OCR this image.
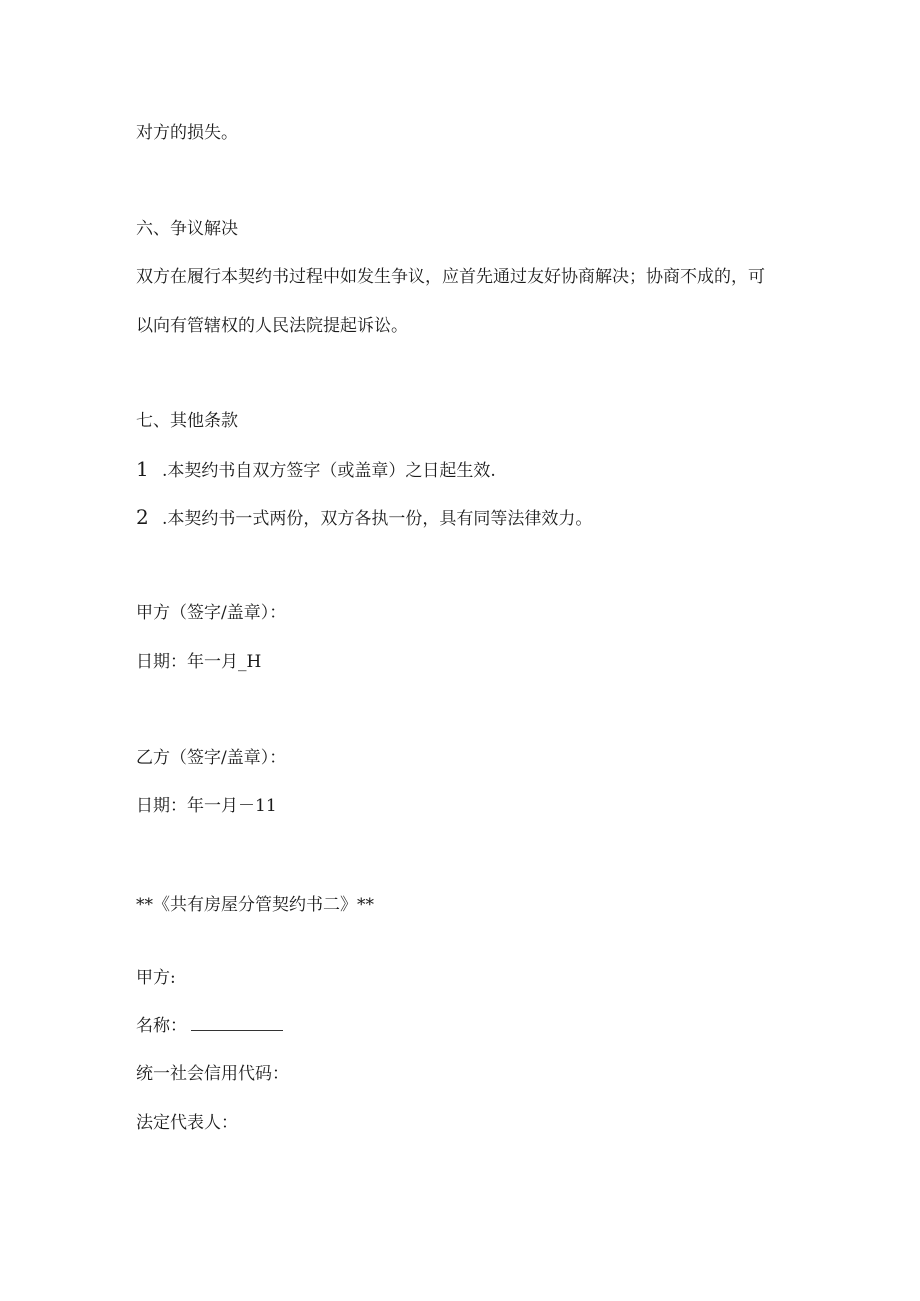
对方的损失。
六、争议解决
双方在履行本契约书过程中如发生争议，应首先通过友好协商解决；协商不成的，可
以向有管辖权的人民法院提起诉讼。
七、其他条款
1 .本契约书自双方签字（或盖章）之日起生效.
2 .本契约书一式两份，双方各执一份，具有同等法律效力。
甲方（签字/盖章）：
日期：年一月_H
乙方（签字/盖章）：
日期：年一月－11
**《共有房屋分管契约书二》**
甲方:
名称：
统一社会信用代码：
法定代表人：
